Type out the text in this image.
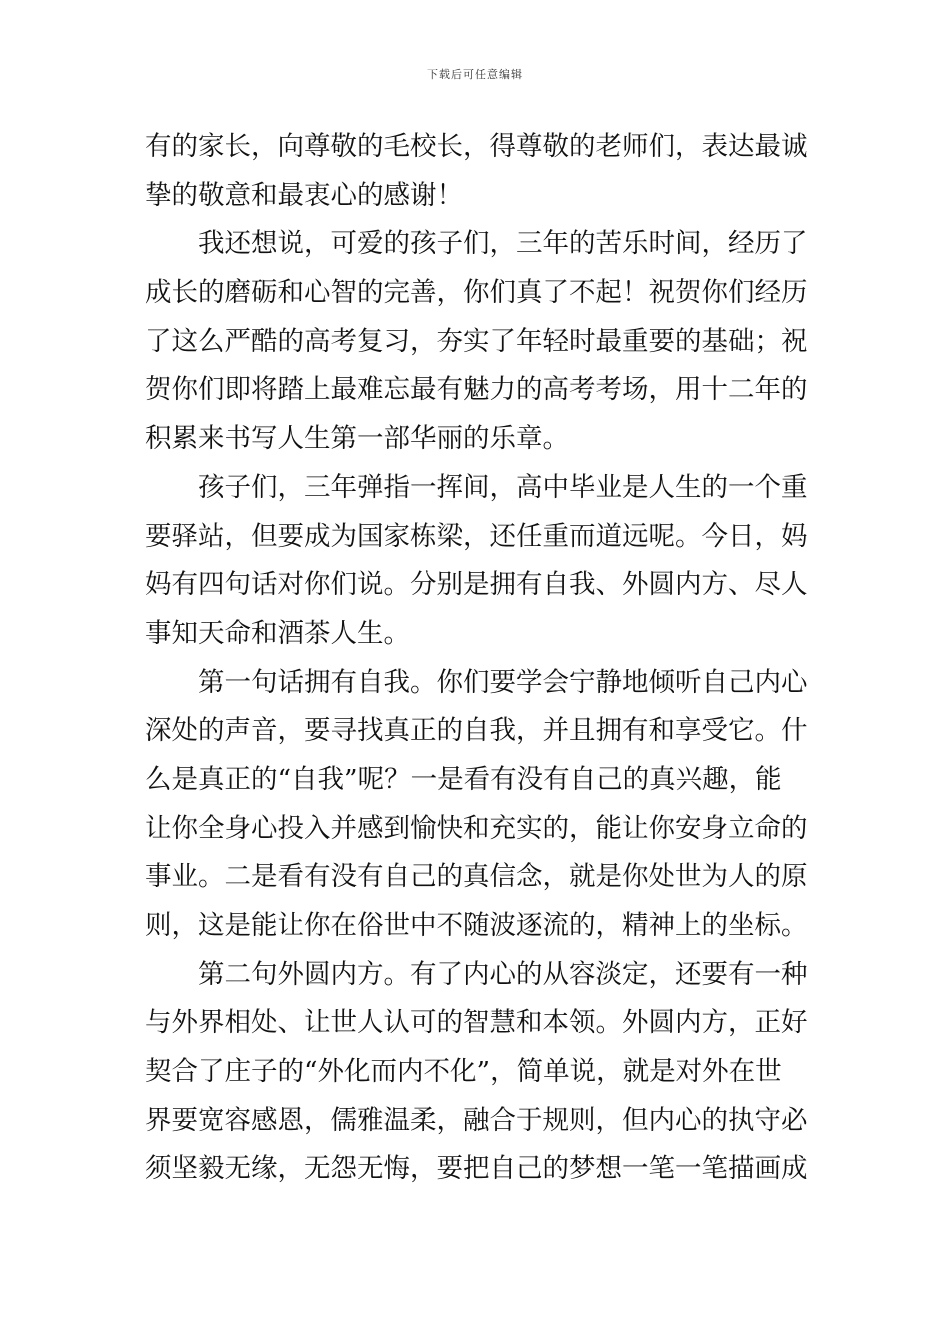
下载后可任意编辑
有的家长，向尊敬的毛校长，得尊敬的老师们，表达最诚
挚的敬意和最衷心的感谢！
我还想说，可爱的孩子们，三年的苦乐时间，经历了
成长的磨砺和心智的完善，你们真了不起！祝贺你们经历
了这么严酷的高考复习，夯实了年轻时最重要的基础；祝
贺你们即将踏上最难忘最有魅力的高考考场，用十二年的
积累来书写人生第一部华丽的乐章。
孩子们，三年弹指一挥间，高中毕业是人生的一个重
要驿站，但要成为国家栋梁，还任重而道远呢。今日，妈
妈有四句话对你们说。分别是拥有自我、外圆内方、尽人
事知天命和酒茶人生。
第一句话拥有自我。你们要学会宁静地倾听自己内心
深处的声音，要寻找真正的自我，并且拥有和享受它。什
么是真正的“自我”呢？一是看有没有自己的真兴趣，能
让你全身心投入并感到愉快和充实的，能让你安身立命的
事业。二是看有没有自己的真信念，就是你处世为人的原
则，这是能让你在俗世中不随波逐流的，精神上的坐标。
第二句外圆内方。有了内心的从容淡定，还要有一种
与外界相处、让世人认可的智慧和本领。外圆内方，正好
契合了庄子的“外化而内不化”，简单说，就是对外在世
界要宽容感恩，儒雅温柔，融合于规则，但内心的执守必
须坚毅无缘，无怨无悔，要把自己的梦想一笔一笔描画成
